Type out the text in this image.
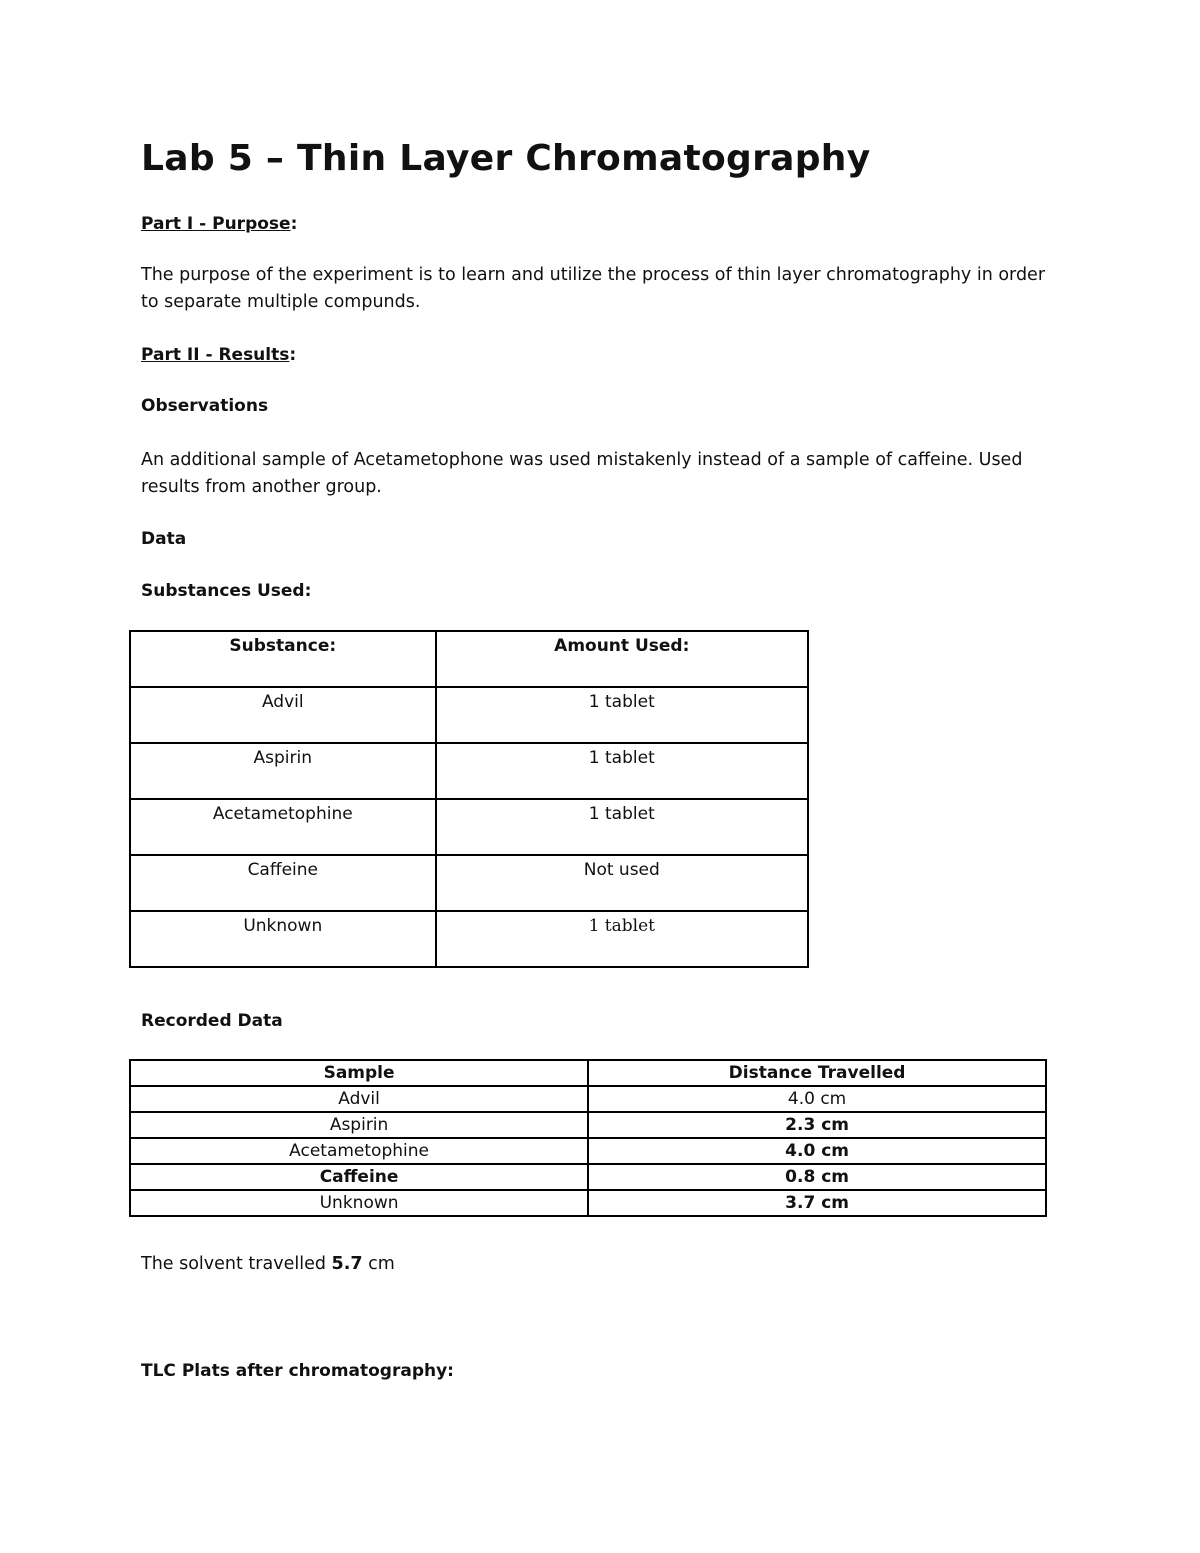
Lab 5 – Thin Layer Chromatography
Part I - Purpose:
The purpose of the experiment is to learn and utilize the process of thin layer chromatography in order to separate multiple compunds.
Part II - Results:
Observations
An additional sample of Acetametophone was used mistakenly instead of a sample of caffeine. Used results from another group.
Data
Substances Used:
Substance:	Amount Used:
Advil	1 tablet
Aspirin	1 tablet
Acetametophine	1 tablet
Caffeine	Not used
Unknown	1 tablet
Recorded Data
Sample	Distance Travelled
Advil	4.0 cm
Aspirin	2.3 cm
Acetametophine	4.0 cm
Caffeine	0.8 cm
Unknown	3.7 cm
The solvent travelled 5.7 cm
TLC Plats after chromatography:
